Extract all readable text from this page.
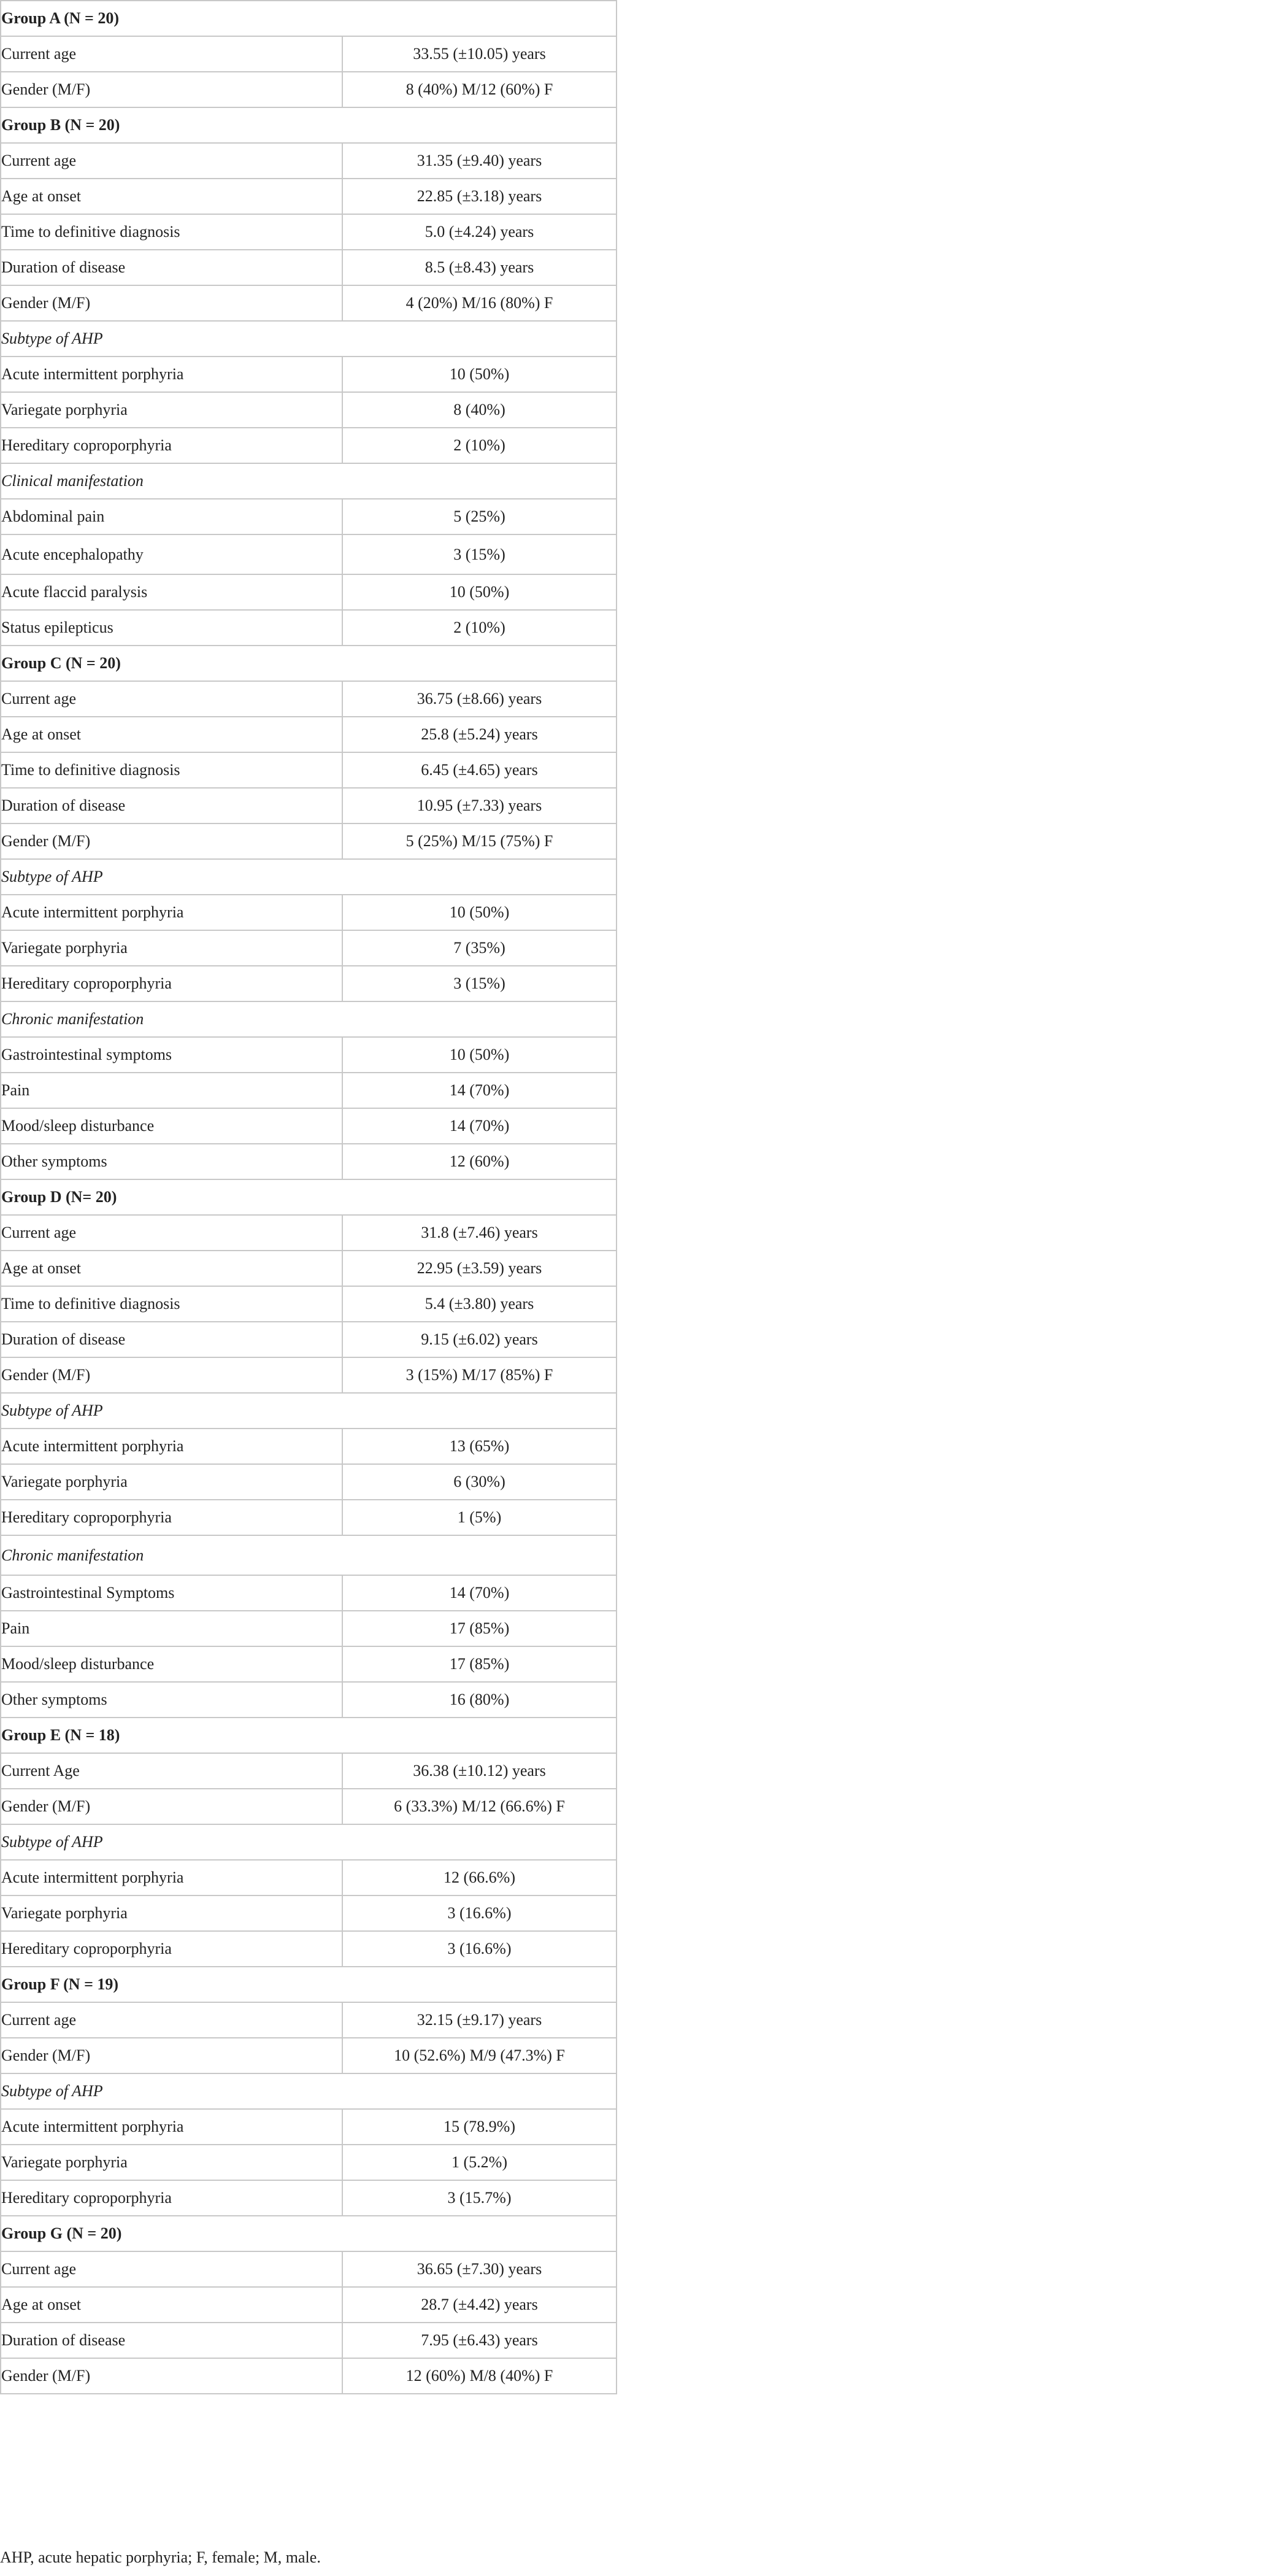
Group A (N = 20)	
Current age	33.55 (±10.05) years
Gender (M/F)	8 (40%) M/12 (60%) F
Group B (N = 20)	
Current age	31.35 (±9.40) years
Age at onset	22.85 (±3.18) years
Time to definitive diagnosis	5.0 (±4.24) years
Duration of disease	8.5 (±8.43) years
Gender (M/F)	4 (20%) M/16 (80%) F
Subtype of AHP	
Acute intermittent porphyria	10 (50%)
Variegate porphyria	8 (40%)
Hereditary coproporphyria	2 (10%)
Clinical manifestation	
Abdominal pain	5 (25%)
Acute encephalopathy	3 (15%)
Acute flaccid paralysis	10 (50%)
Status epilepticus	2 (10%)
Group C (N = 20)	
Current age	36.75 (±8.66) years
Age at onset	25.8 (±5.24) years
Time to definitive diagnosis	6.45 (±4.65) years
Duration of disease	10.95 (±7.33) years
Gender (M/F)	5 (25%) M/15 (75%) F
Subtype of AHP	
Acute intermittent porphyria	10 (50%)
Variegate porphyria	7 (35%)
Hereditary coproporphyria	3 (15%)
Chronic manifestation	
Gastrointestinal symptoms	10 (50%)
Pain	14 (70%)
Mood/sleep disturbance	14 (70%)
Other symptoms	12 (60%)
Group D (N= 20)	
Current age	31.8 (±7.46) years
Age at onset	22.95 (±3.59) years
Time to definitive diagnosis	5.4 (±3.80) years
Duration of disease	9.15 (±6.02) years
Gender (M/F)	3 (15%) M/17 (85%) F
Subtype of AHP	
Acute intermittent porphyria	13 (65%)
Variegate porphyria	6 (30%)
Hereditary coproporphyria	1 (5%)
Chronic manifestation	
Gastrointestinal Symptoms	14 (70%)
Pain	17 (85%)
Mood/sleep disturbance	17 (85%)
Other symptoms	16 (80%)
Group E (N = 18)	
Current Age	36.38 (±10.12) years
Gender (M/F)	6 (33.3%) M/12 (66.6%) F
Subtype of AHP	
Acute intermittent porphyria	12 (66.6%)
Variegate porphyria	3 (16.6%)
Hereditary coproporphyria	3 (16.6%)
Group F (N = 19)	
Current age	32.15 (±9.17) years
Gender (M/F)	10 (52.6%) M/9 (47.3%) F
Subtype of AHP	
Acute intermittent porphyria	15 (78.9%)
Variegate porphyria	1 (5.2%)
Hereditary coproporphyria	3 (15.7%)
Group G (N = 20)	
Current age	36.65 (±7.30) years
Age at onset	28.7 (±4.42) years
Duration of disease	7.95 (±6.43) years
Gender (M/F)	12 (60%) M/8 (40%) F
AHP, acute hepatic porphyria; F, female; M, male.
